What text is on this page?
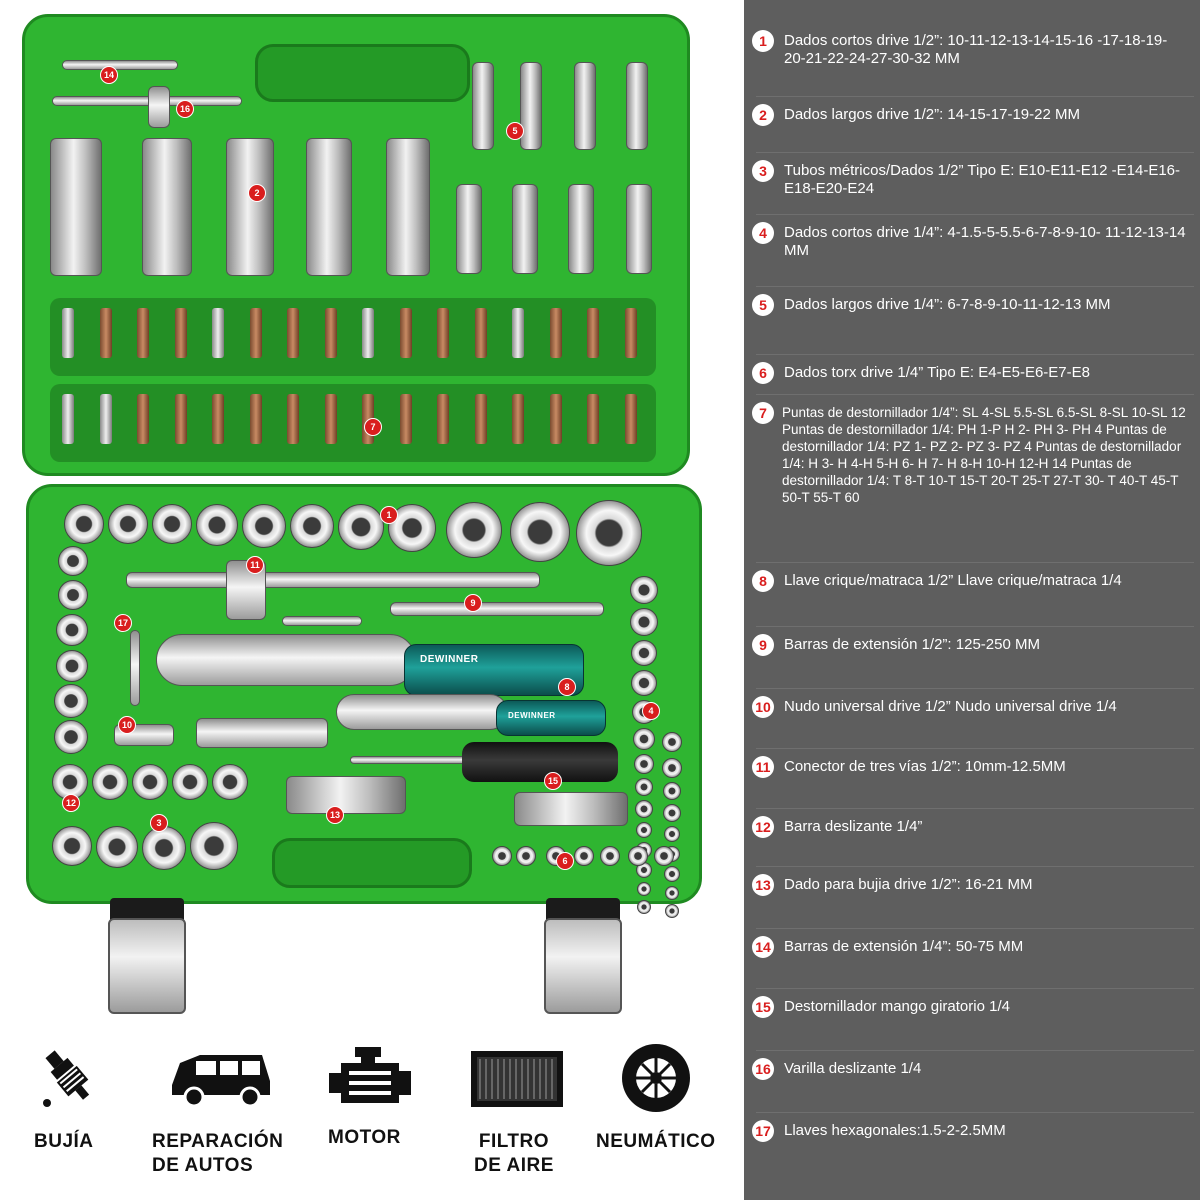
DEWINNER
DEWINNER
14
16
2
5
7
1
11
9
17
8
4
10
15
12
13
3
6
BUJÍA	REPARACIÓN
DE AUTOS
MOTOR	FILTRO
DE AIRE
NEUMÁTICO
1 Dados cortos drive 1/2”: 10-11-12-13-14-15-16 -17-18-19- 20-21-22-24-27-30-32 MM
2 Dados largos drive 1/2”: 14-15-17-19-22 MM
3 Tubos métricos/Dados 1/2” Tipo E: E10-E11-E12 -E14-E16-E18-E20-E24
4 Dados cortos drive 1/4”: 4-1.5-5-5.5-6-7-8-9-10- 11-12-13-14 MM
5 Dados largos drive 1/4”: 6-7-8-9-10-11-12-13 MM
6 Dados torx drive 1/4” Tipo E: E4-E5-E6-E7-E8
7 Puntas de destornillador 1/4”: SL 4-SL 5.5-SL 6.5-SL 8-SL 10-SL 12 Puntas de destornillador 1/4: PH 1-P H 2- PH 3- PH 4 Puntas de destornillador 1/4: PZ 1- PZ 2- PZ 3- PZ 4 Puntas de destornillador 1/4: H 3- H 4-H 5-H 6- H 7- H 8-H 10-H 12-H 14 Puntas de destornillador 1/4: T 8-T 10-T 15-T 20-T 25-T 27-T 30- T 40-T 45-T 50-T 55-T 60
8 Llave crique/matraca 1/2” Llave crique/matraca 1/4
9 Barras de extensión 1/2”: 125-250 MM
10 Nudo universal drive 1/2” Nudo universal drive 1/4
11 Conector de tres vías 1/2”: 10mm-12.5MM
12 Barra deslizante 1/4”
13 Dado para bujia drive 1/2”: 16-21 MM
14 Barras de extensión 1/4”: 50-75 MM
15 Destornillador mango giratorio 1/4
16 Varilla deslizante 1/4
17 Llaves hexagonales:1.5-2-2.5MM
